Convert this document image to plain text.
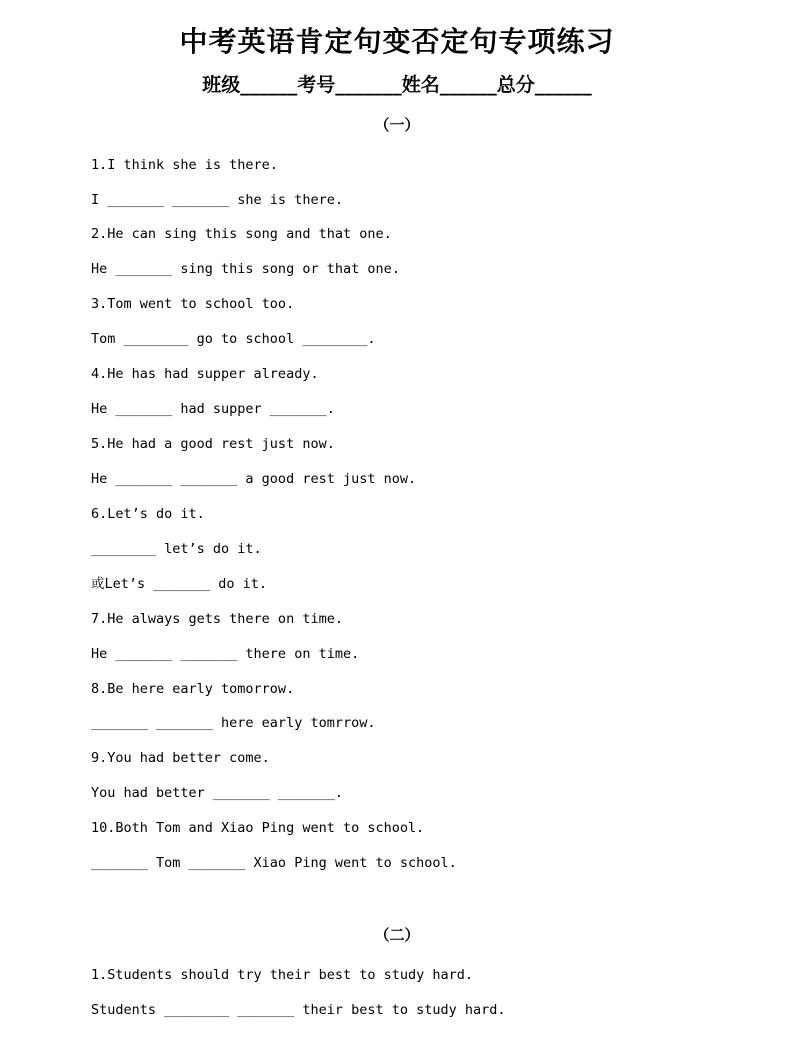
中考英语肯定句变否定句专项练习
班级______考号_______姓名______总分______
（一）
1.I think she is there.
I _______ _______ she is there.
2.He can sing this song and that one.
He _______ sing this song or that one.
3.Tom went to school too.
Tom ________ go to school ________.
4.He has had supper already.
He _______ had supper _______.
5.He had a good rest just now.
He _______ _______ a good rest just now.
6.Let’s do it.
________ let’s do it.
或Let’s _______ do it.
7.He always gets there on time.
He _______ _______ there on time.
8.Be here early tomorrow.
_______ _______ here early tomrrow.
9.You had better come.
You had better _______ _______.
10.Both Tom and Xiao Ping went to school.
_______ Tom _______ Xiao Ping went to school.
（二）
1.Students should try their best to study hard.
Students ________ _______ their best to study hard.
